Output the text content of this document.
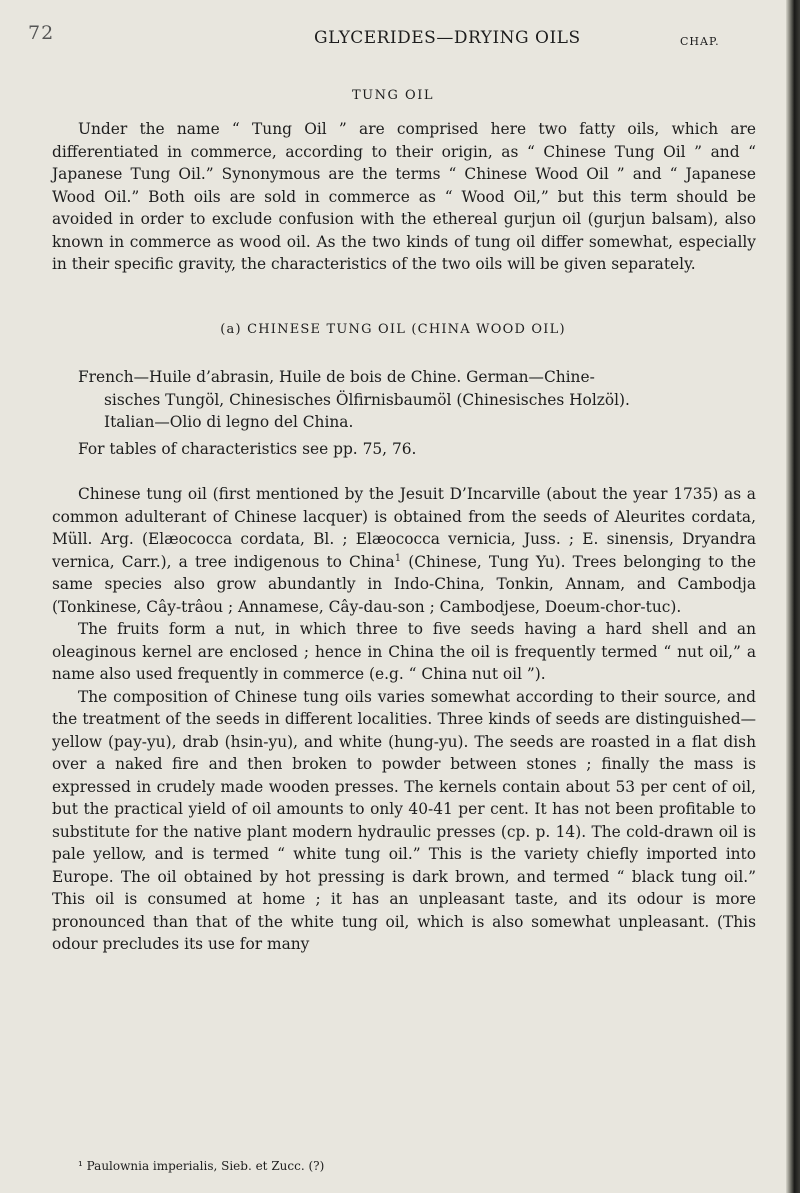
72	GLYCERIDES—DRYING OILS	CHAP.
TUNG OIL

Under the name “ Tung Oil ” are comprised here two fatty oils, which are differentiated in commerce, according to their origin, as “ Chinese Tung Oil ” and “ Japanese Tung Oil.” Synonymous are the terms “ Chinese Wood Oil ” and “ Japanese Wood Oil.” Both oils are sold in commerce as “ Wood Oil,” but this term should be avoided in order to exclude confusion with the ethereal gurjun oil (gurjun balsam), also known in commerce as wood oil. As the two kinds of tung oil differ somewhat, especially in their specific gravity, the characteristics of the two oils will be given separately.

(a) CHINESE TUNG OIL (CHINA WOOD OIL)

French—Huile d’abrasin, Huile de bois de Chine. German—Chine-

sisches Tungöl, Chinesisches Ölfirnisbaumöl (Chinesisches Holzöl).

Italian—Olio di legno del China.

For tables of characteristics see pp. 75, 76.

Chinese tung oil (first mentioned by the Jesuit D’Incarville (about the year 1735) as a common adulterant of Chinese lacquer) is obtained from the seeds of Aleurites cordata, Müll. Arg. (Elæococca cordata, Bl. ; Elæococca vernicia, Juss. ; E. sinensis, Dryandra vernica, Carr.), a tree indigenous to China$^1$ (Chinese, Tung Yu). Trees belonging to the same species also grow abundantly in Indo-China, Tonkin, Annam, and Cambodja (Tonkinese, Cây-trâou ; Annamese, Cây-dau-son ; Cambodjese, Doeum-chor-tuc).

The fruits form a nut, in which three to five seeds having a hard shell and an oleaginous kernel are enclosed ; hence in China the oil is frequently termed “ nut oil,” a name also used frequently in commerce (e.g. “ China nut oil ”).

The composition of Chinese tung oils varies somewhat according to their source, and the treatment of the seeds in different localities. Three kinds of seeds are distinguished—yellow (pay-yu), drab (hsin-yu), and white (hung-yu). The seeds are roasted in a flat dish over a naked fire and then broken to powder between stones ; finally the mass is expressed in crudely made wooden presses. The kernels contain about 53 per cent of oil, but the practical yield of oil amounts to only 40-41 per cent. It has not been profitable to substitute for the native plant modern hydraulic presses (cp. p. 14). The cold-drawn oil is pale yellow, and is termed “ white tung oil.” This is the variety chiefly imported into Europe. The oil obtained by hot pressing is dark brown, and termed “ black tung oil.” This oil is consumed at home ; it has an unpleasant taste, and its odour is more pronounced than that of the white tung oil, which is also somewhat unpleasant. (This odour precludes its use for many

¹ Paulownia imperialis, Sieb. et Zucc. (?)
